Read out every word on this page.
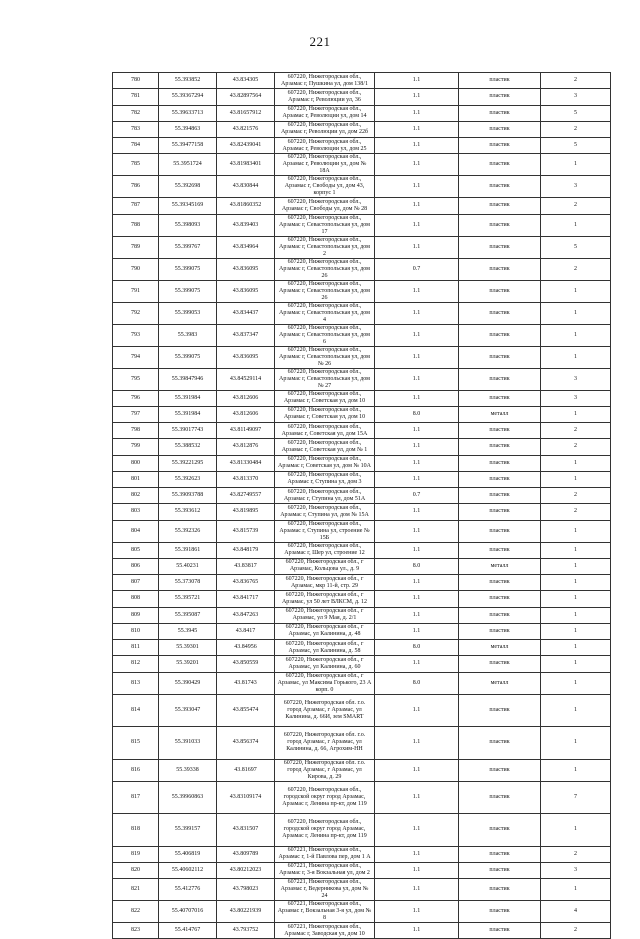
221
780	55.393852	43.834305	607220, Нижегородская обл., Арзамас г, Пушкина ул, дом 138/1	1.1	пластик	2
781	55.39367294	43.82897564	607220, Нижегородская обл., Арзамас г, Революции ул, 36	1.1	пластик	3
782	55.39633713	43.81657912	607220, Нижегородская обл., Арзамас г, Революции ул, дом 14	1.1	пластик	5
783	55.394863	43.821576	607220, Нижегородская обл., Арзамас г, Революции ул, дом 22б	1.1	пластик	2
784	55.39477158	43.82439041	607220, Нижегородская обл., Арзамас г, Революции ул, дом 25	1.1	пластик	5
785	55.3951724	43.81983401	607220, Нижегородская обл., Арзамас г, Революции ул, дом № 18А	1.1	пластик	1
786	55.392698	43.830844	607220, Нижегородская обл., Арзамас г, Свободы ул, дом 43, корпус 1	1.1	пластик	3
787	55.39345169	43.81860352	607220, Нижегородская обл., Арзамас г, Свободы ул, дом № 28	1.1	пластик	2
788	55.398093	43.839403	607220, Нижегородская обл., Арзамас г, Севастопольская ул, дом 17	1.1	пластик	1
789	55.399767	43.834964	607220, Нижегородская обл., Арзамас г, Севастопольская ул, дом 2	1.1	пластик	5
790	55.399075	43.836095	607220, Нижегородская обл., Арзамас г, Севастопольская ул, дом 26	0.7	пластик	2
791	55.399075	43.836095	607220, Нижегородская обл., Арзамас г, Севастопольская ул, дом 26	1.1	пластик	1
792	55.399053	43.834437	607220, Нижегородская обл., Арзамас г, Севастопольская ул, дом 4	1.1	пластик	1
793	55.3983	43.837347	607220, Нижегородская обл., Арзамас г, Севастопольская ул, дом 6	1.1	пластик	1
794	55.399075	43.836095	607220, Нижегородская обл., Арзамас г, Севастопольская ул, дом № 26	1.1	пластик	1
795	55.39847946	43.84529114	607220, Нижегородская обл., Арзамас г, Севастопольская ул, дом № 27	1.1	пластик	3
796	55.391984	43.812606	607220, Нижегородская обл., Арзамас г, Советская ул, дом 10	1.1	пластик	3
797	55.391984	43.812606	607220, Нижегородская обл., Арзамас г, Советская ул, дом 10	8.0	металл	1
798	55.39017743	43.81149097	607220, Нижегородская обл., Арзамас г, Советская ул, дом 15А	1.1	пластик	2
799	55.388532	43.812876	607220, Нижегородская обл., Арзамас г, Советская ул, дом № 1	1.1	пластик	2
800	55.39221295	43.81330484	607220, Нижегородская обл., Арзамас г, Советская ул, дом № 10А	1.1	пластик	1
801	55.392623	43.813370	607220, Нижегородская обл., Арзамас г, Ступина ул, дом 3	1.1	пластик	1
802	55.39093788	43.82749557	607220, Нижегородская обл., Арзамас г, Ступина ул, дом 51А	0.7	пластик	2
803	55.393612	43.819895	607220, Нижегородская обл., Арзамас г, Ступина ул, дом № 15А	1.1	пластик	2
804	55.392326	43.815739	607220, Нижегородская обл., Арзамас г, Ступина ул, строение № 15Б	1.1	пластик	1
805	55.391861	43.848179	607220, Нижегородская обл., Арзамас г, Шер ул, строение 12	1.1	пластик	1
806	55.40231	43.83817	607220, Нижегородская обл., г Арзамас, Кольцова ул., д. 9	8.0	металл	1
807	55.373078	43.836765	607220, Нижегородская обл., г Арзамас, мкр 11-й, стр. 29	1.1	пластик	1
808	55.395721	43.841717	607220, Нижегородская обл., г Арзамас, ул 50 лет ВЛКСМ, д. 12	1.1	пластик	1
809	55.395087	43.847263	607220, Нижегородская обл., г Арзамас, ул 9 Мая, д. 2/1	1.1	пластик	1
810	55.3945	43.8417	607220, Нижегородская обл., г Арзамас, ул Калинина, д. 48	1.1	пластик	1
811	55.39301	43.84956	607220, Нижегородская обл., г Арзамас, ул Калинина, д. 58	8.0	металл	1
812	55.39201	43.850559	607220, Нижегородская обл., г Арзамас, ул Калинина, д. 60	1.1	пластик	1
813	55.390429	43.81743	607220, Нижегородская обл., г Арзамас, ул Максима Горького, 23 А корп. 0	8.0	металл	1
814	55.393047	43.855474	607220, Нижегородская обл. г.о. город Арзамас, г Арзамас, ул Калинина, д. 66И, зем SMART	1.1	пластик	1
815	55.391033	43.856374	607220, Нижегородская обл. г.о. город Арзамас, г Арзамас, ул Калинина, д. 66, Агрохим-НН	1.1	пластик	1
816	55.39338	43.81697	607220, Нижегородская обл. г.о. город Арзамас, г Арзамас, ул Кирова, д. 29	1.1	пластик	1
817	55.39960863	43.83109174	607220, Нижегородская обл., городской округ город Арзамас, Арзамас г, Ленина пр-кт, дом 119	1.1	пластик	7
818	55.399157	43.831507	607220, Нижегородская обл., городской округ город Арзамас, Арзамас г, Ленина пр-кт, дом 119	1.1	пластик	1
819	55.406819	43.809789	607221, Нижегородская обл., Арзамас г, 1-й Павлова пер, дом 1 А	1.1	пластик	2
820	55.40602112	43.80212023	607221, Нижегородская обл., Арзамас г, 3-я Вокзальная ул, дом 2	1.1	пластик	3
821	55.412776	43.798023	607221, Нижегородская обл., Арзамас г, Ведерникова ул, дом № 24	1.1	пластик	1
822	55.40707016	43.80221939	607221, Нижегородская обл., Арзамас г, Вокзальная 3-я ул, дом № 8	1.1	пластик	4
823	55.414767	43.793752	607221, Нижегородская обл., Арзамас г, Заводская ул, дом 10	1.1	пластик	2
